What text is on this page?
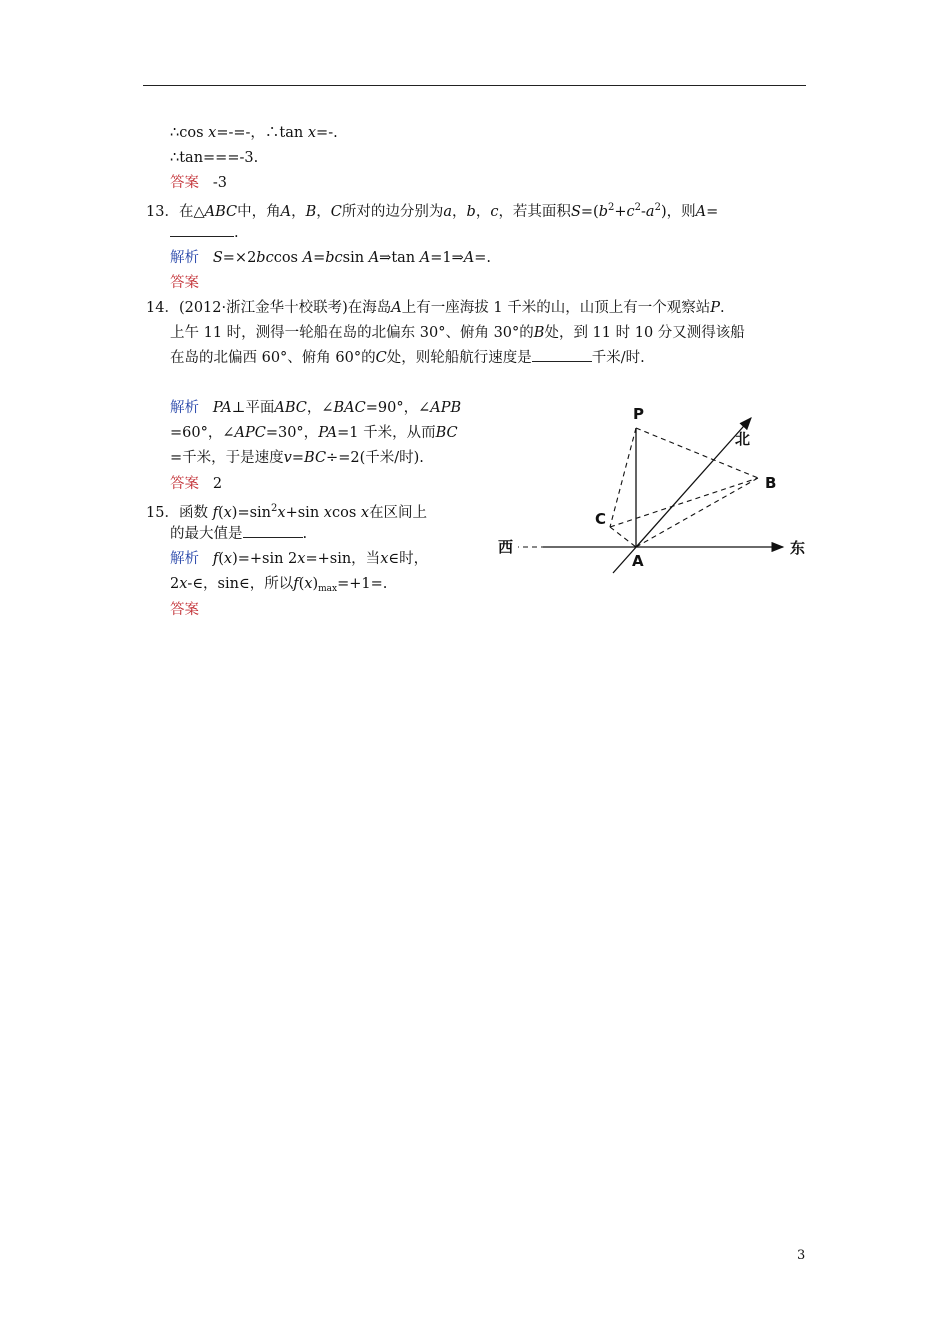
∴cos x=-=-，∴tan x=-.
∴tan===-3.
答案 -3
13．在△ABC中，角A，B，C所对的边分别为a，b，c，若其面积$S=(b^2+c^2-a^2)$，则A=
.
解析 S=×2bccos A=bcsin A⇒tan A=1⇒A=.
答案
14．(2012·浙江金华十校联考)在海岛A上有一座海拔 1 千米的山，山顶上有一个观察站P.
上午 11 时，测得一轮船在岛的北偏东 30°、俯角 30°的B处，到 11 时 10 分又测得该船
在岛的北偏西 60°、俯角 60°的C处，则轮船航行速度是	千米/时.
解析 PA⊥平面ABC，∠BAC=90°，∠APB
=60°，∠APC=30°，PA=1 千米，从而BC
=千米，于是速度v=BC÷=2(千米/时).
答案 2
15．函数 $f(x)=\sin^2x+\sin$ xcos x在区间上
的最大值是	.
解析 f(x)=+sin 2x=+sin，当x∈时，
2x-∈，sin∈，所以$f(x)_{max}=+1=$.
答案
P
北
B
C
西
A
东
3
